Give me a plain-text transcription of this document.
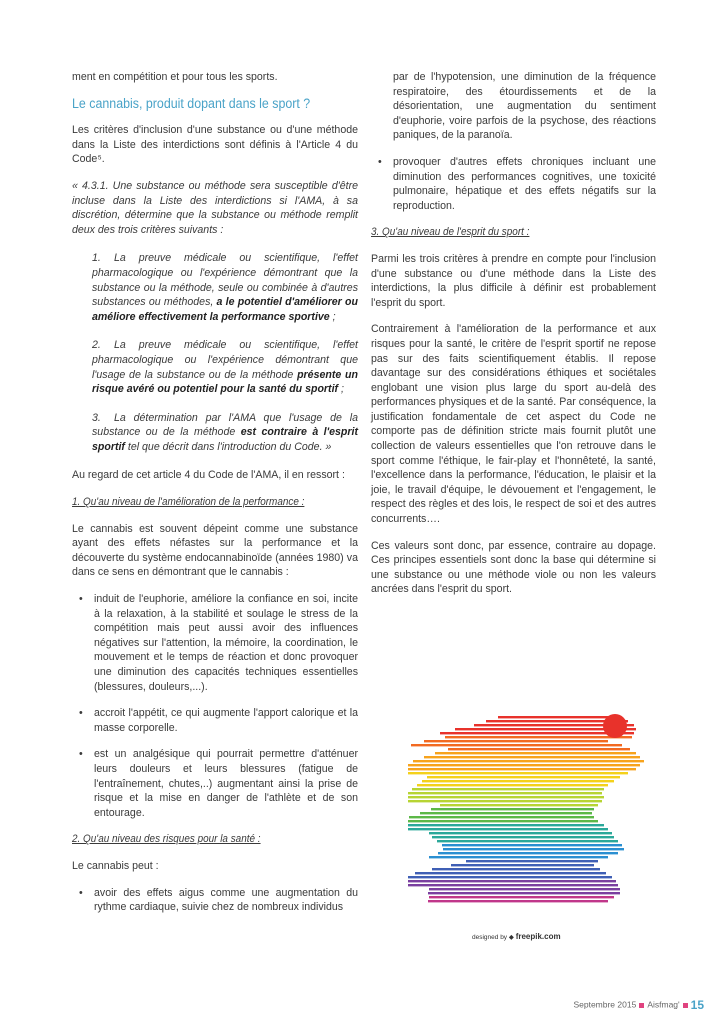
ment en compétition et pour tous les sports.

Le cannabis, produit dopant dans le sport ?

Les critères d'inclusion d'une substance ou d'une méthode dans la Liste des interdictions sont définis à l'Article 4 du Code⁵.

« 4.3.1. Une substance ou méthode sera susceptible d'être incluse dans la Liste des interdictions si l'AMA, à sa discrétion, détermine que la substance ou méthode remplit deux des trois critères suivants :

1. La preuve médicale ou scientifique, l'effet pharmacologique ou l'expérience démontrant que la substance ou la méthode, seule ou combinée à d'autres substances ou méthodes, a le potentiel d'améliorer ou améliore effectivement la performance sportive ;

2. La preuve médicale ou scientifique, l'effet pharmacologique ou l'expérience démontrant que l'usage de la substance ou de la méthode présente un risque avéré ou potentiel pour la santé du sportif ;

3. La détermination par l'AMA que l'usage de la substance ou de la méthode est contraire à l'esprit sportif tel que décrit dans l'introduction du Code. »

Au regard de cet article 4 du Code de l'AMA, il en ressort :

1. Qu'au niveau de l'amélioration de la performance :

Le cannabis est souvent dépeint comme une substance ayant des effets néfastes sur la performance et la découverte du système endocannabinoïde (années 1980) va dans ce sens en démontrant que le cannabis :

• induit de l'euphorie, améliore la confiance en soi, incite à la relaxation, à la stabilité et soulage le stress de la compétition mais peut aussi avoir des influences négatives sur l'attention, la mémoire, la coordination, le mouvement et le temps de réaction et donc provoquer une diminution des capacités techniques essentielles (blessures, douleurs,...).
• accroit l'appétit, ce qui augmente l'apport calorique et la masse corporelle.
• est un analgésique qui pourrait permettre d'atténuer leurs douleurs et leurs blessures (fatigue de l'entraînement, chutes,..) augmentant ainsi la prise de risque et la mise en danger de l'athlète et de son entourage.
2. Qu'au niveau des risques pour la santé :

Le cannabis peut :

• avoir des effets aigus comme une augmentation du rythme cardiaque, suivie chez de nombreux individus

par de l'hypotension, une diminution de la fréquence respiratoire, des étourdissements et de la désorientation, une augmentation du sentiment d'euphorie, voire parfois de la psychose, des réactions paniques, de la paranoïa.

• provoquer d'autres effets chroniques incluant une diminution des performances cognitives, une toxicité pulmonaire, hépatique et des effets négatifs sur la reproduction.
3. Qu'au niveau de l'esprit du sport :

Parmi les trois critères à prendre en compte pour l'inclusion d'une substance ou d'une méthode dans la Liste des interdictions, la plus difficile à définir est probablement l'esprit du sport.

Contrairement à l'amélioration de la performance et aux risques pour la santé, le critère de l'esprit sportif ne repose pas sur des faits scientifiquement établis. Il repose davantage sur des considérations éthiques et sociétales englobant une vision plus large du sport au-delà des performances physiques et de la santé. Par conséquence, la justification fondamentale de cet aspect du Code ne comporte pas de définition stricte mais fournit plutôt une collection de valeurs essentielles que l'on retrouve dans le sport comme l'éthique, le fair-play et l'honnêteté, la santé, l'excellence dans la performance, l'éducation, le plaisir et la joie, le travail d'équipe, le dévouement et l'engagement, le respect des règles et des lois, le respect de soi et des autres concurrents….

Ces valeurs sont donc, par essence, contraire au dopage. Ces principes essentiels sont donc la base qui détermine si une substance ou une méthode viole ou non les valeurs ancrées dans l'esprit du sport.

designed by ◆ freepik.com
Septembre 2015 Aisfmag' 15
